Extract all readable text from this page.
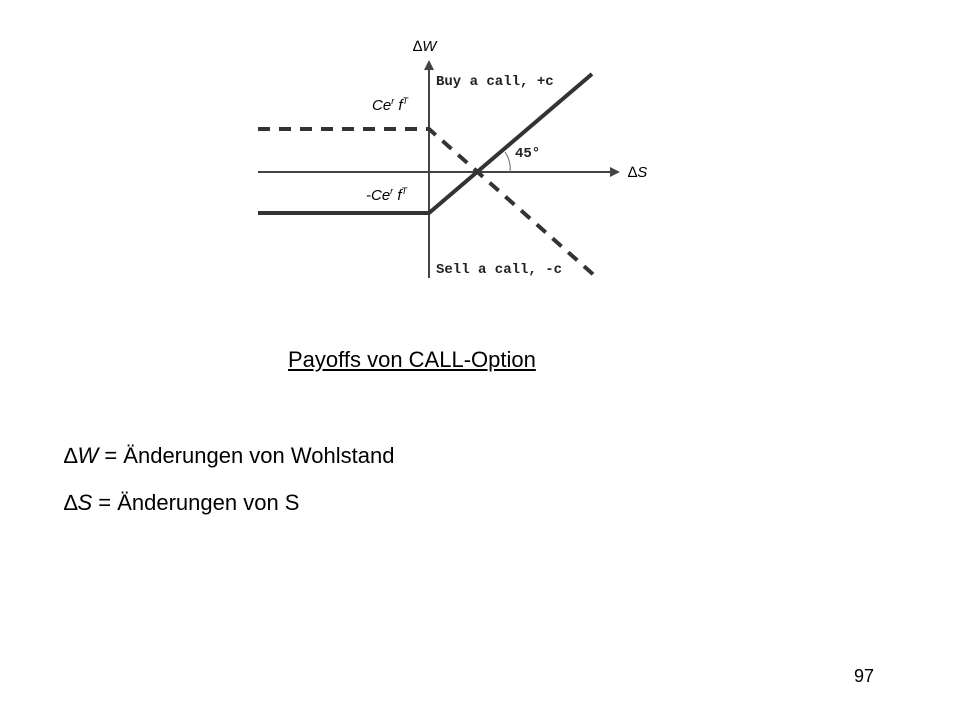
∆W
∆S
Ce$^r$ $f^T$
-Ce$^r$ $f^T$
Buy a call, +c
Sell a call, -c
45°
Payoffs von CALL-Option
∆W = Änderungen von Wohlstand
∆S = Änderungen von S
97
